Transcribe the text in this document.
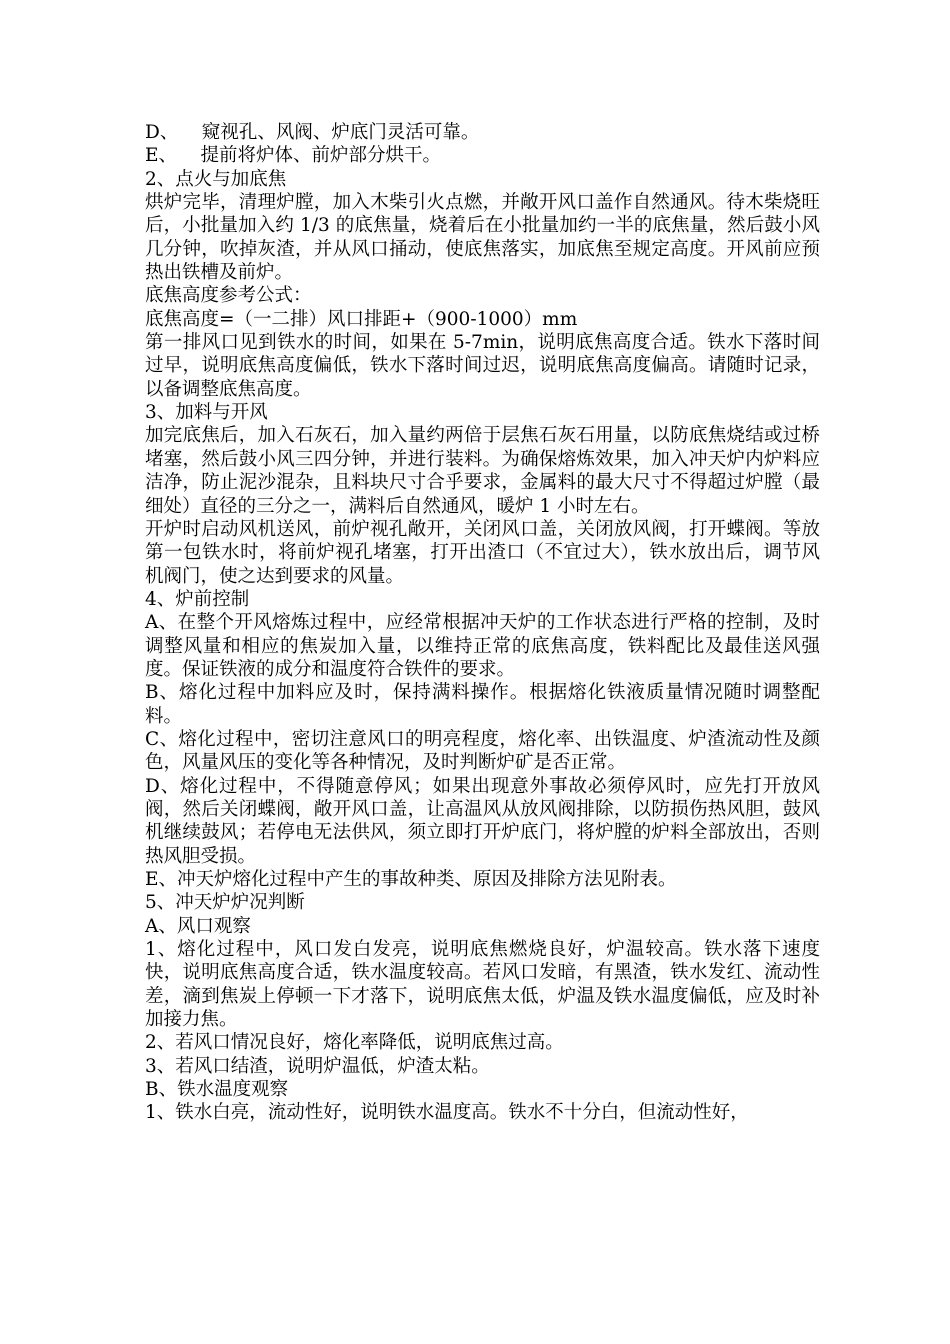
D、    窥视孔、风阀、炉底门灵活可靠。

E、    提前将炉体、前炉部分烘干。

2、点火与加底焦

烘炉完毕，清理炉膛，加入木柴引火点燃，并敞开风口盖作自然通风。待木柴烧旺后，小批量加入约 1/3 的底焦量，烧着后在小批量加约一半的底焦量，然后鼓小风几分钟，吹掉灰渣，并从风口捅动，使底焦落实，加底焦至规定高度。开风前应预热出铁槽及前炉。

底焦高度参考公式：

底焦高度=（一二排）风口排距+（900-1000）mm

第一排风口见到铁水的时间，如果在 5-7min，说明底焦高度合适。铁水下落时间过早，说明底焦高度偏低，铁水下落时间过迟，说明底焦高度偏高。请随时记录，以备调整底焦高度。

3、加料与开风

加完底焦后，加入石灰石，加入量约两倍于层焦石灰石用量，以防底焦烧结或过桥堵塞，然后鼓小风三四分钟，并进行装料。为确保熔炼效果，加入冲天炉内炉料应洁净，防止泥沙混杂，且料块尺寸合乎要求，金属料的最大尺寸不得超过炉膛（最细处）直径的三分之一，满料后自然通风，暖炉 1 小时左右。

开炉时启动风机送风，前炉视孔敞开，关闭风口盖，关闭放风阀，打开蝶阀。等放第一包铁水时，将前炉视孔堵塞，打开出渣口（不宜过大），铁水放出后，调节风机阀门，使之达到要求的风量。

4、炉前控制

A、在整个开风熔炼过程中，应经常根据冲天炉的工作状态进行严格的控制，及时调整风量和相应的焦炭加入量，以维持正常的底焦高度，铁料配比及最佳送风强度。保证铁液的成分和温度符合铁件的要求。

B、熔化过程中加料应及时，保持满料操作。根据熔化铁液质量情况随时调整配料。

C、熔化过程中，密切注意风口的明亮程度，熔化率、出铁温度、炉渣流动性及颜色，风量风压的变化等各种情况，及时判断炉矿是否正常。

D、熔化过程中，不得随意停风；如果出现意外事故必须停风时，应先打开放风阀，然后关闭蝶阀，敞开风口盖，让高温风从放风阀排除，以防损伤热风胆，鼓风机继续鼓风；若停电无法供风，须立即打开炉底门，将炉膛的炉料全部放出，否则热风胆受损。

E、冲天炉熔化过程中产生的事故种类、原因及排除方法见附表。

5、冲天炉炉况判断

A、风口观察

1、熔化过程中，风口发白发亮，说明底焦燃烧良好，炉温较高。铁水落下速度快，说明底焦高度合适，铁水温度较高。若风口发暗，有黑渣，铁水发红、流动性差，滴到焦炭上停顿一下才落下，说明底焦太低，炉温及铁水温度偏低，应及时补加接力焦。

2、若风口情况良好，熔化率降低，说明底焦过高。

3、若风口结渣，说明炉温低，炉渣太粘。

B、铁水温度观察

1、铁水白亮，流动性好，说明铁水温度高。铁水不十分白，但流动性好，
